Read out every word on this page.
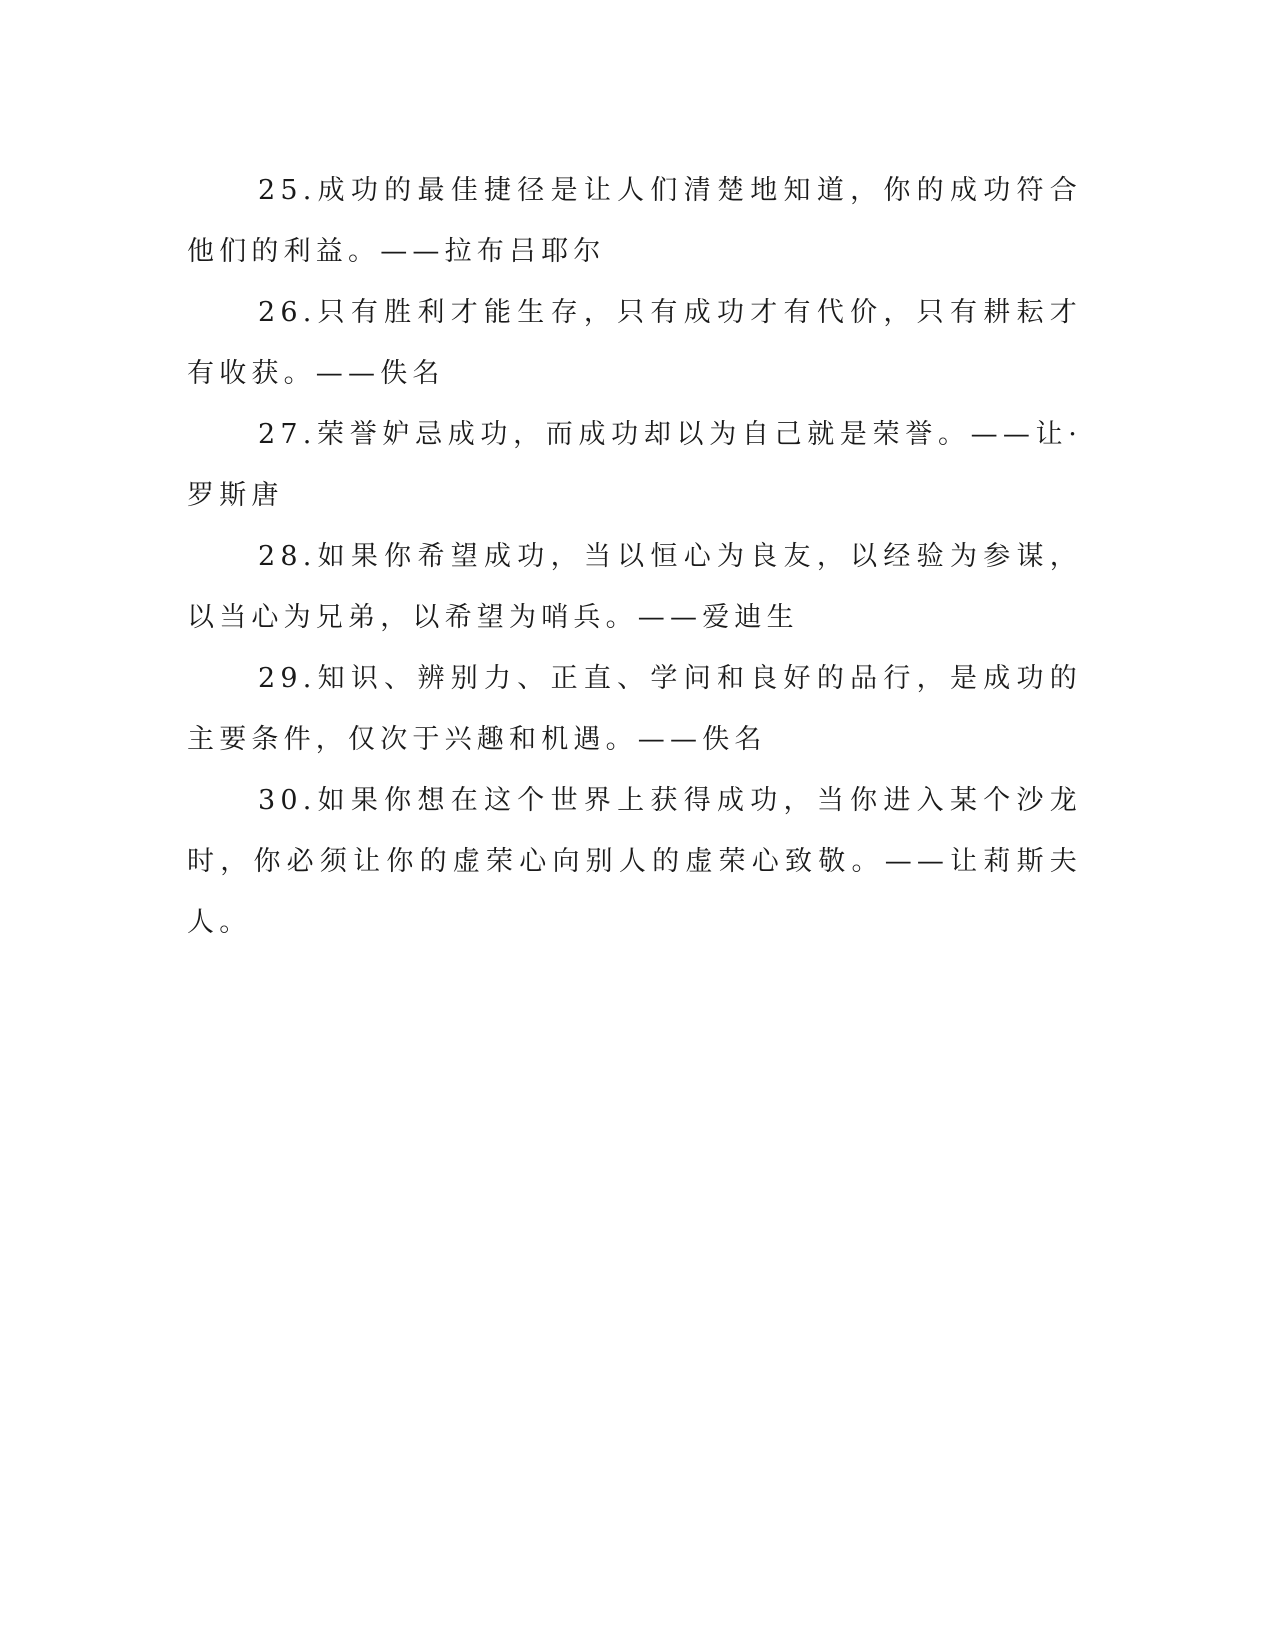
25.成功的最佳捷径是让人们清楚地知道，你的成功符合他们的利益。——拉布吕耶尔

26.只有胜利才能生存，只有成功才有代价，只有耕耘才有收获。——佚名

27.荣誉妒忌成功，而成功却以为自己就是荣誉。——让·罗斯唐

28.如果你希望成功，当以恒心为良友，以经验为参谋，以当心为兄弟，以希望为哨兵。——爱迪生

29.知识、辨别力、正直、学问和良好的品行，是成功的主要条件，仅次于兴趣和机遇。——佚名

30.如果你想在这个世界上获得成功，当你进入某个沙龙时，你必须让你的虚荣心向别人的虚荣心致敬。——让莉斯夫人。
